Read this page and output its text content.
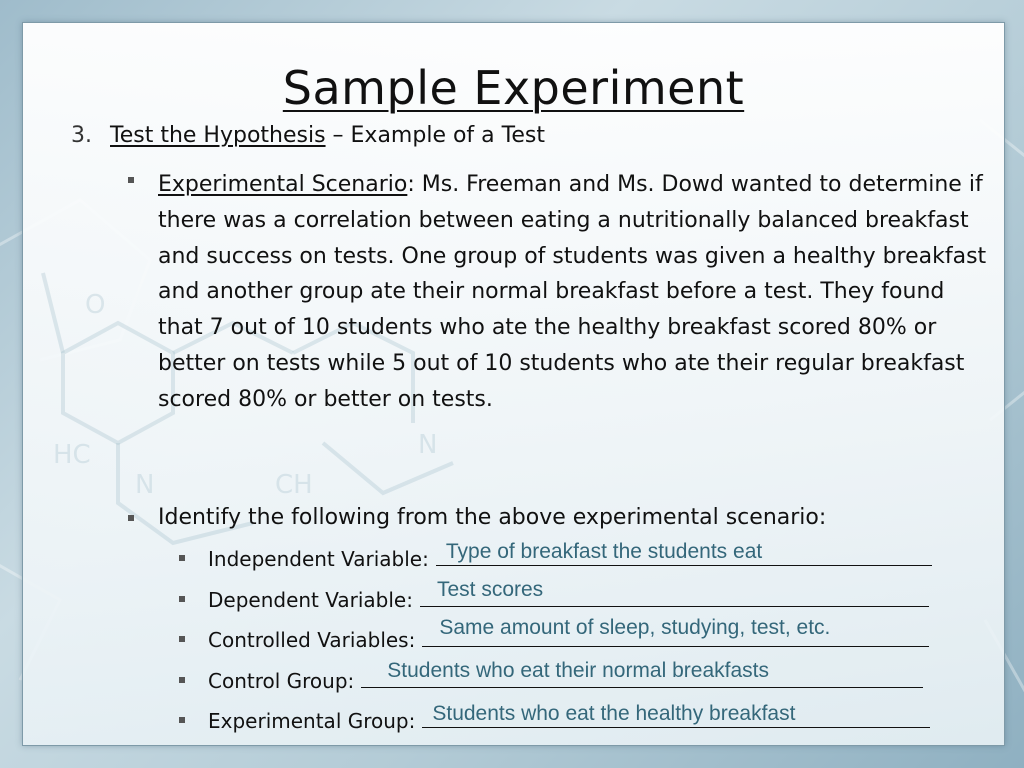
O
HC
N	CH
N
Sample Experiment
3. Test the Hypothesis – Example of a Test

Experimental Scenario: Ms. Freeman and Ms. Dowd wanted to determine if there was a correlation between eating a nutritionally balanced breakfast and success on tests. One group of students was given a healthy breakfast and another group ate their normal breakfast before a test. They found that 7 out of 10 students who ate the healthy breakfast scored 80% or better on tests while 5 out of 10 students who ate their regular breakfast scored 80% or better on tests.

Identify the following from the above experimental scenario:
Independent Variable: Type of breakfast the students eat
Dependent Variable:	Test scores
Controlled Variables:
Same amount of sleep, studying, test, etc.
Control Group:	Students who eat their normal breakfasts
Experimental Group: Students who eat the healthy breakfast
